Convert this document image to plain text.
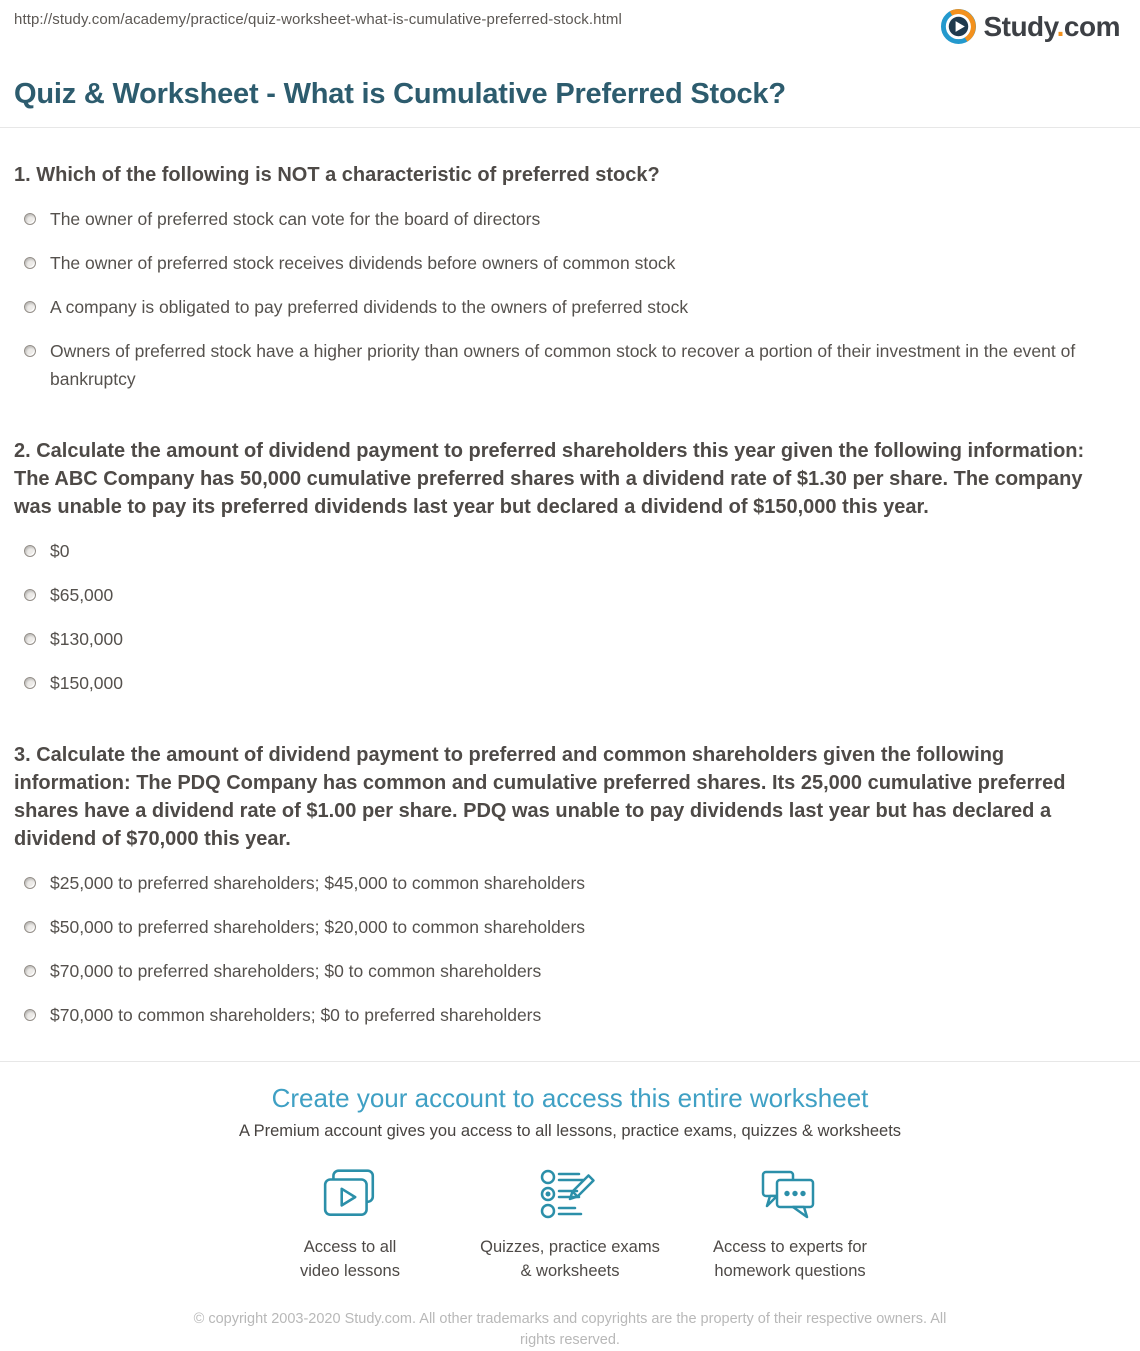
http://study.com/academy/practice/quiz-worksheet-what-is-cumulative-preferred-stock.html	Study.com
Quiz & Worksheet - What is Cumulative Preferred Stock?
1. Which of the following is NOT a characteristic of preferred stock?
The owner of preferred stock can vote for the board of directors
The owner of preferred stock receives dividends before owners of common stock
A company is obligated to pay preferred dividends to the owners of preferred stock
Owners of preferred stock have a higher priority than owners of common stock to recover a portion of their investment in the event of bankruptcy
2. Calculate the amount of dividend payment to preferred shareholders this year given the following information: The ABC Company has 50,000 cumulative preferred shares with a dividend rate of $1.30 per share. The company was unable to pay its preferred dividends last year but declared a dividend of $150,000 this year.
$0
$65,000
$130,000
$150,000
3. Calculate the amount of dividend payment to preferred and common shareholders given the following information: The PDQ Company has common and cumulative preferred shares. Its 25,000 cumulative preferred shares have a dividend rate of $1.00 per share. PDQ was unable to pay dividends last year but has declared a dividend of $70,000 this year.
$25,000 to preferred shareholders; $45,000 to common shareholders
$50,000 to preferred shareholders; $20,000 to common shareholders
$70,000 to preferred shareholders; $0 to common shareholders
$70,000 to common shareholders; $0 to preferred shareholders
Create your account to access this entire worksheet

A Premium account gives you access to all lessons, practice exams, quizzes & worksheets

Access to all video lessons
Quizzes, practice exams & worksheets
Access to experts for homework questions

© copyright 2003-2020 Study.com. All other trademarks and copyrights are the property of their respective owners. All rights reserved.
